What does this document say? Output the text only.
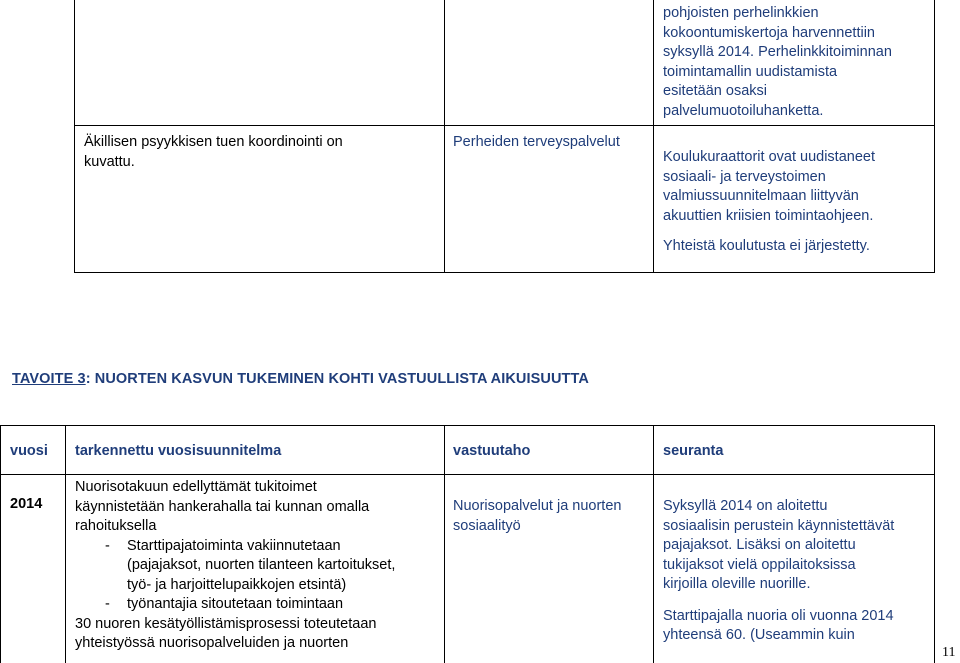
pohjoisten perhelinkkien
kokoontumiskertoja harvennettiin
syksyllä 2014. Perhelinkkitoiminnan
toimintamallin uudistamista
esitetään osaksi
palvelumuotoiluhanketta.
Äkillisen psyykkisen tuen koordinointi on
kuvattu.
Perheiden terveyspalvelut
Koulukuraattorit ovat uudistaneet
sosiaali- ja terveystoimen
valmiussuunnitelmaan liittyvän
akuuttien kriisien toimintaohjeen.
Yhteistä koulutusta ei järjestetty.
TAVOITE 3: NUORTEN KASVUN TUKEMINEN KOHTI VASTUULLISTA AIKUISUUTTA
vuosi tarkennettu vuosisuunnitelma	vastuutaho	seuranta
2014
Nuorisotakuun edellyttämät tukitoimet
käynnistetään hankerahalla tai kunnan omalla
rahoituksella
- Starttipajatoiminta vakiinnutetaan
(pajajaksot, nuorten tilanteen kartoitukset,
työ- ja harjoittelupaikkojen etsintä)
- työnantajia sitoutetaan toimintaan
30 nuoren kesätyöllistämisprosessi toteutetaan
yhteistyössä nuorisopalveluiden ja nuorten
Nuorisopalvelut ja nuorten
sosiaalityö
Syksyllä 2014 on aloitettu
sosiaalisin perustein käynnistettävät
pajajaksot. Lisäksi on aloitettu
tukijaksot vielä oppilaitoksissa
kirjoilla oleville nuorille.
Starttipajalla nuoria oli vuonna 2014
yhteensä 60. (Useammin kuin
11
